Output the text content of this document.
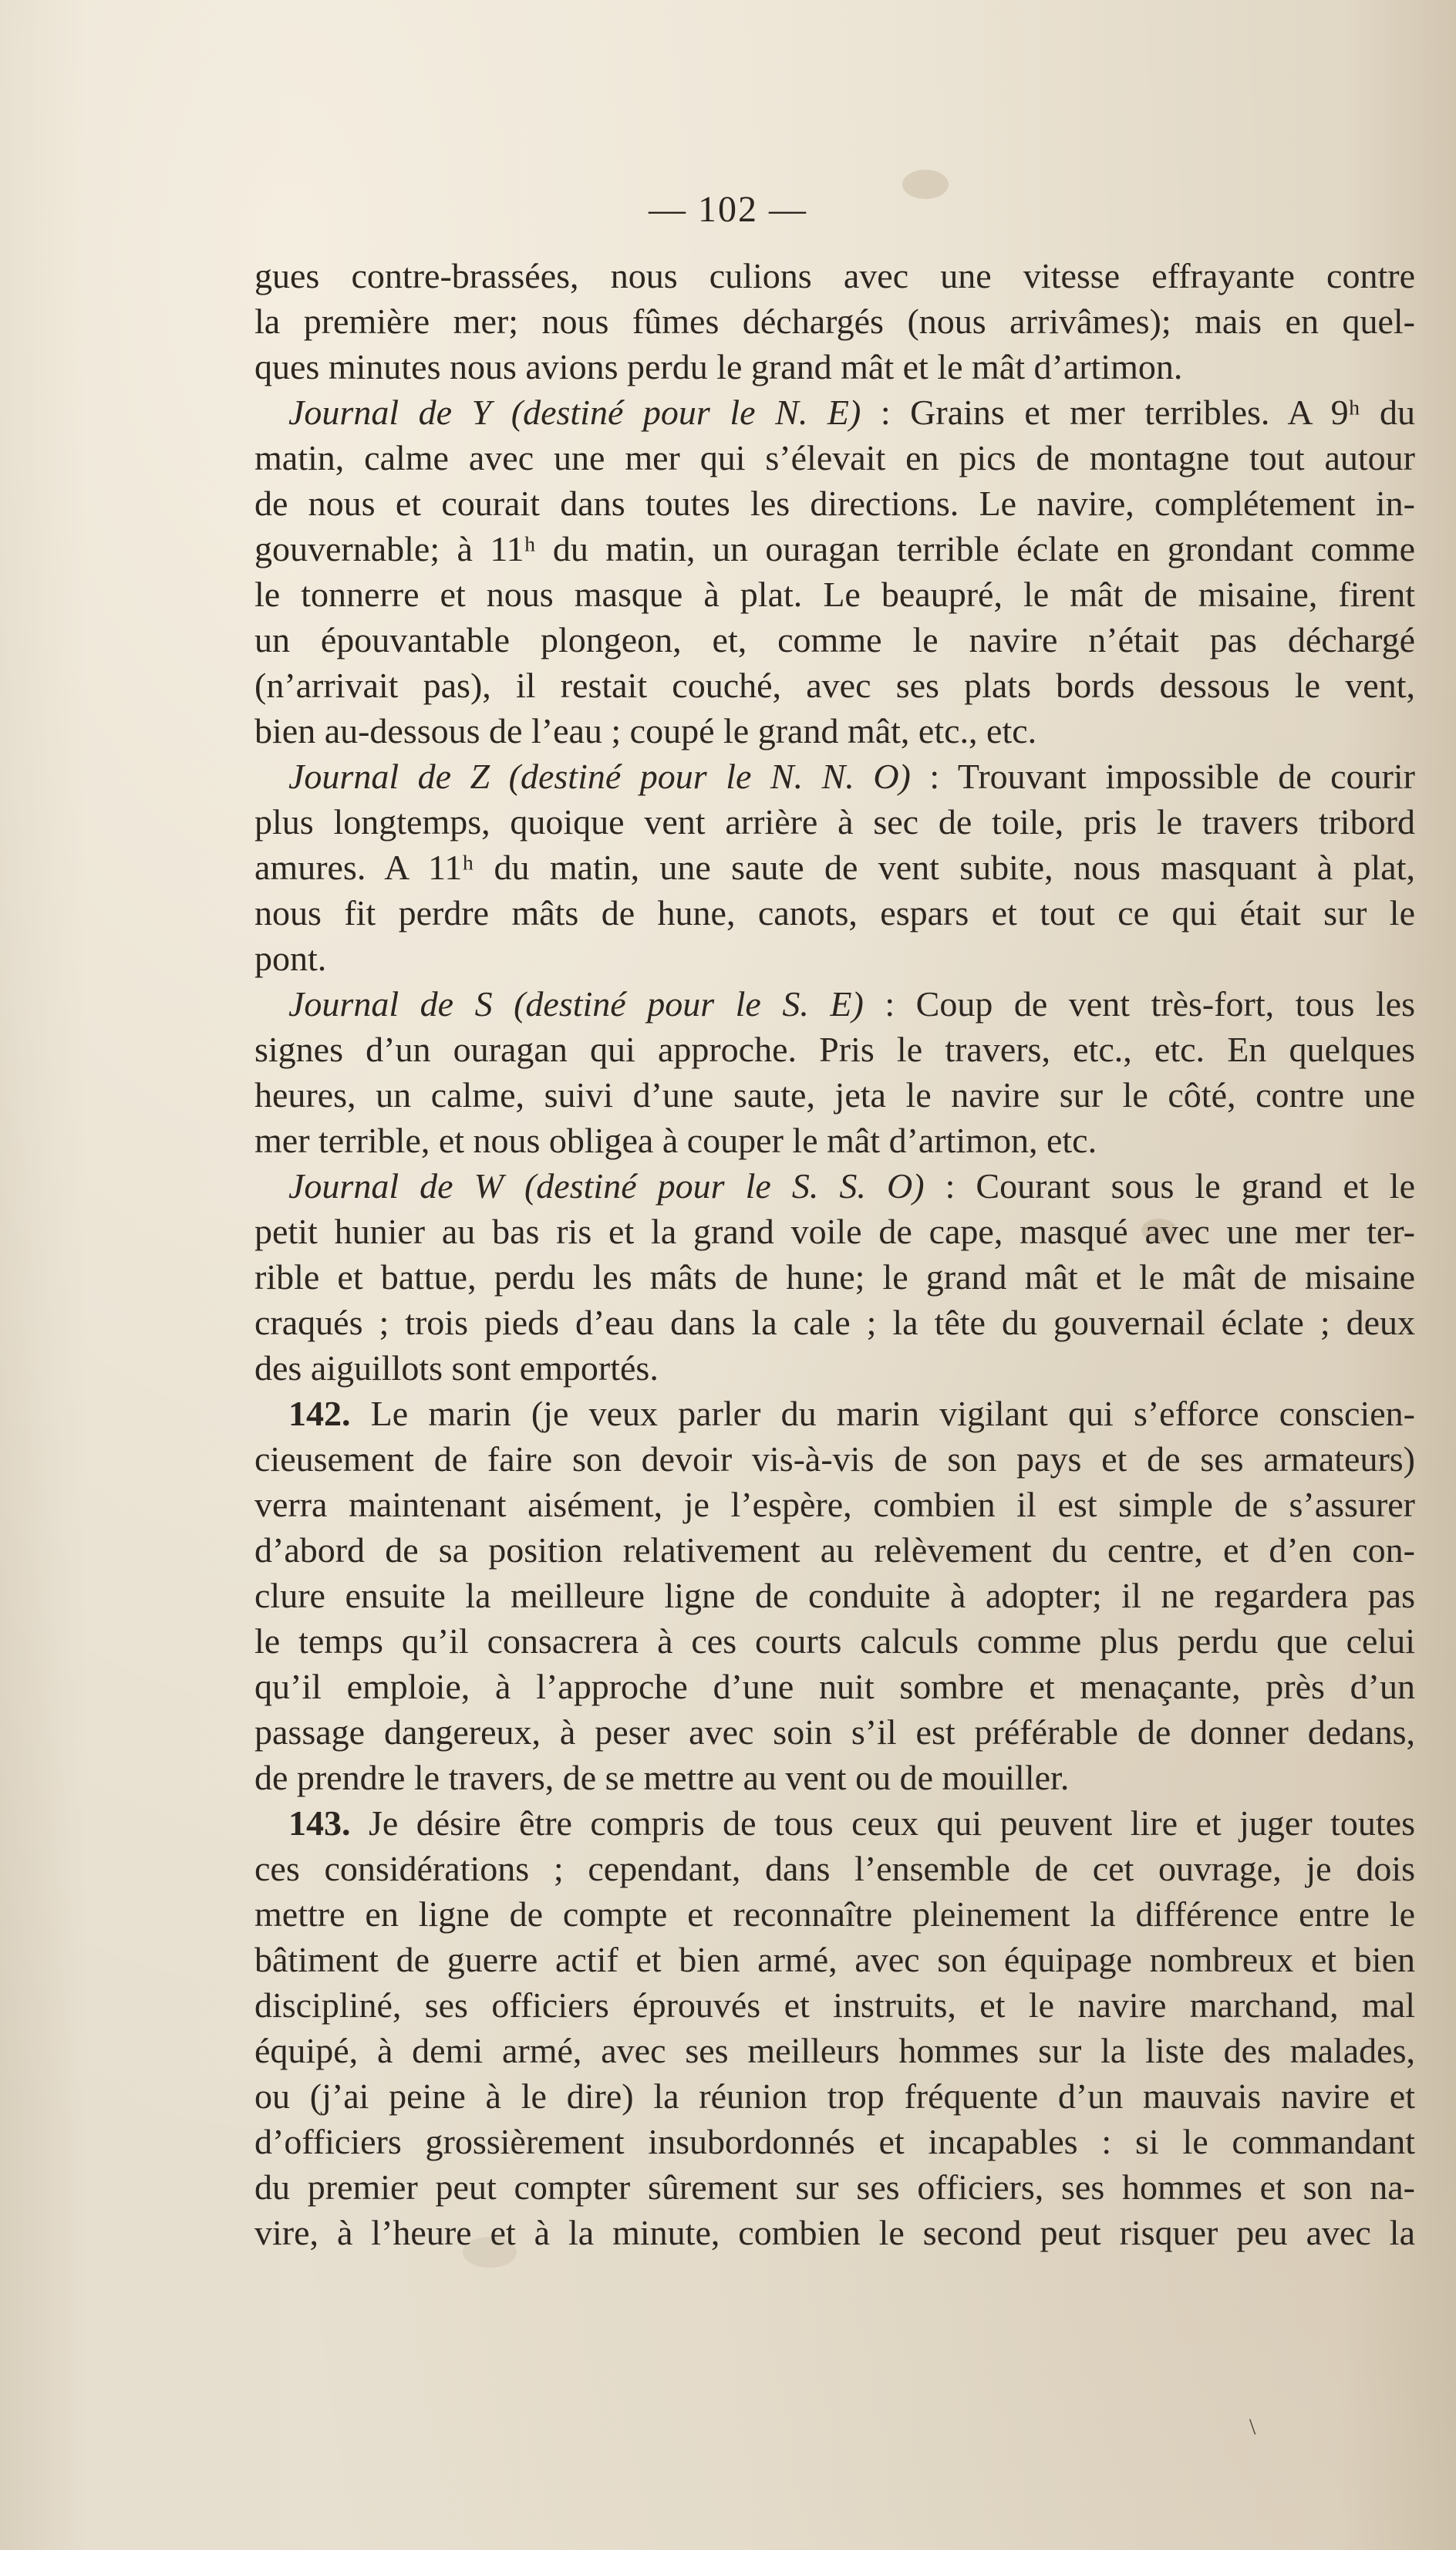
— 102 —
gues contre-brassées, nous culions avec une vitesse effrayante contre
la première mer; nous fûmes déchargés (nous arrivâmes); mais en quel-
ques minutes nous avions perdu le grand mât et le mât d’artimon.
Journal de Y (destiné pour le N. E) : Grains et mer terribles. A 9ʰ du
matin, calme avec une mer qui s’élevait en pics de montagne tout autour
de nous et courait dans toutes les directions. Le navire, complétement in-
gouvernable; à 11ʰ du matin, un ouragan terrible éclate en grondant comme
le tonnerre et nous masque à plat. Le beaupré, le mât de misaine, firent
un épouvantable plongeon, et, comme le navire n’était pas déchargé
(n’arrivait pas), il restait couché, avec ses plats bords dessous le vent,
bien au-dessous de l’eau ; coupé le grand mât, etc., etc.
Journal de Z (destiné pour le N. N. O) : Trouvant impossible de courir
plus longtemps, quoique vent arrière à sec de toile, pris le travers tribord
amures. A 11ʰ du matin, une saute de vent subite, nous masquant à plat,
nous fit perdre mâts de hune, canots, espars et tout ce qui était sur le
pont.
Journal de S (destiné pour le S. E) : Coup de vent très-fort, tous les
signes d’un ouragan qui approche. Pris le travers, etc., etc. En quelques
heures, un calme, suivi d’une saute, jeta le navire sur le côté, contre une
mer terrible, et nous obligea à couper le mât d’artimon, etc.
Journal de W (destiné pour le S. S. O) : Courant sous le grand et le
petit hunier au bas ris et la grand voile de cape, masqué avec une mer ter-
rible et battue, perdu les mâts de hune; le grand mât et le mât de misaine
craqués ; trois pieds d’eau dans la cale ; la tête du gouvernail éclate ; deux
des aiguillots sont emportés.
142. Le marin (je veux parler du marin vigilant qui s’efforce conscien-
cieusement de faire son devoir vis-à-vis de son pays et de ses armateurs)
verra maintenant aisément, je l’espère, combien il est simple de s’assurer
d’abord de sa position relativement au relèvement du centre, et d’en con-
clure ensuite la meilleure ligne de conduite à adopter; il ne regardera pas
le temps qu’il consacrera à ces courts calculs comme plus perdu que celui
qu’il emploie, à l’approche d’une nuit sombre et menaçante, près d’un
passage dangereux, à peser avec soin s’il est préférable de donner dedans,
de prendre le travers, de se mettre au vent ou de mouiller.
143. Je désire être compris de tous ceux qui peuvent lire et juger toutes
ces considérations ; cependant, dans l’ensemble de cet ouvrage, je dois
mettre en ligne de compte et reconnaître pleinement la différence entre le
bâtiment de guerre actif et bien armé, avec son équipage nombreux et bien
discipliné, ses officiers éprouvés et instruits, et le navire marchand, mal
équipé, à demi armé, avec ses meilleurs hommes sur la liste des malades,
ou (j’ai peine à le dire) la réunion trop fréquente d’un mauvais navire et
d’officiers grossièrement insubordonnés et incapables : si le commandant
du premier peut compter sûrement sur ses officiers, ses hommes et son na-
vire, à l’heure et à la minute, combien le second peut risquer peu avec la
\
